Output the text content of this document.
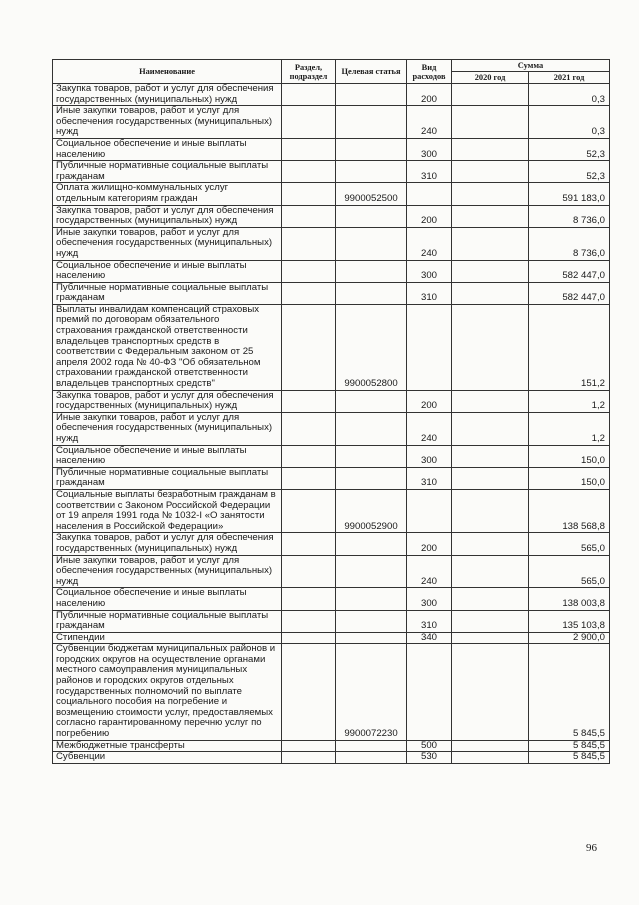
Наименование	Раздел, подраздел	Целевая статья	Вид расходов	Сумма	
				2020 год	2021 год
Закупка товаров, работ и услуг для обеспечения государственных (муниципальных) нужд			200		0,3
Иные закупки товаров, работ и услуг для обеспечения государственных (муниципальных) нужд			240		0,3
Социальное обеспечение и иные выплаты населению			300		52,3
Публичные нормативные социальные выплаты гражданам			310		52,3
Оплата жилищно-коммунальных услуг отдельным категориям граждан		9900052500			591 183,0
Закупка товаров, работ и услуг для обеспечения государственных (муниципальных) нужд			200		8 736,0
Иные закупки товаров, работ и услуг для обеспечения государственных (муниципальных) нужд			240		8 736,0
Социальное обеспечение и иные выплаты населению			300		582 447,0
Публичные нормативные социальные выплаты гражданам			310		582 447,0
Выплаты инвалидам компенсаций страховых премий по договорам обязательного страхования гражданской ответственности владельцев транспортных средств в соответствии с Федеральным законом от 25 апреля 2002 года № 40-ФЗ "Об обязательном страховании гражданской ответственности владельцев транспортных средств"		9900052800			151,2
Закупка товаров, работ и услуг для обеспечения государственных (муниципальных) нужд			200		1,2
Иные закупки товаров, работ и услуг для обеспечения государственных (муниципальных) нужд			240		1,2
Социальное обеспечение и иные выплаты населению			300		150,0
Публичные нормативные социальные выплаты гражданам			310		150,0
Социальные выплаты безработным гражданам в соответствии с Законом Российской Федерации от 19 апреля 1991 года № 1032-I «О занятости населения в Российской Федерации»		9900052900			138 568,8
Закупка товаров, работ и услуг для обеспечения государственных (муниципальных) нужд			200		565,0
Иные закупки товаров, работ и услуг для обеспечения государственных (муниципальных) нужд			240		565,0
Социальное обеспечение и иные выплаты населению			300		138 003,8
Публичные нормативные социальные выплаты гражданам			310		135 103,8
Стипендии			340		2 900,0
Субвенции бюджетам муниципальных районов и городских округов на осуществление органами местного самоуправления муниципальных районов и городских округов отдельных государственных полномочий по выплате социального пособия на погребение и возмещению стоимости услуг, предоставляемых согласно гарантированному перечню услуг по погребению		9900072230			5 845,5
Межбюджетные трансферты			500		5 845,5
Субвенции			530		5 845,5
96
